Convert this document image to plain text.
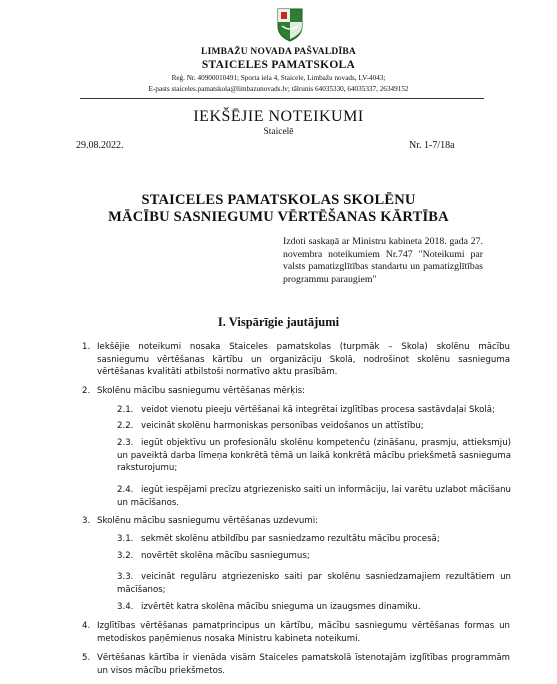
LIMBAŽU NOVADA PAŠVALDĪBA
STAICELES PAMATSKOLA
Reģ. Nr. 40900010491; Sporta iela 4, Staicele, Limbažu novads, LV-4043;
E-pasts staiceles.pamatskola@limbazunovads.lv; tālrunis 64035330, 64035337, 26349152
IEKŠĒJIE NOTEIKUMI
Staicelē
29.08.2022.	Nr. 1-7/18a
STAICELES PAMATSKOLAS SKOLĒNU
MĀCĪBU SASNIEGUMU VĒRTĒŠANAS KĀRTĪBA
Izdoti saskaņā ar Ministru kabineta 2018. gada 27. novembra noteikumiem Nr.747 "Noteikumi par valsts pamatizglītības standartu un pamatizglītības programmu paraugiem"
I. Vispārīgie jautājumi
1. Iekšējie noteikumi nosaka Staiceles pamatskolas (turpmāk – Skola) skolēnu mācību sasniegumu vērtēšanas kārtību un organizāciju Skolā, nodrošinot skolēnu sasnieguma vērtēšanas kvalitāti atbilstoši normatīvo aktu prasībām.
2. Skolēnu mācību sasniegumu vērtēšanas mērķis:
2.1. veidot vienotu pieeju vērtēšanai kā integrētai izglītības procesa sastāvdaļai Skolā;
2.2. veicināt skolēnu harmoniskas personības veidošanos un attīstību;
2.3. iegūt objektīvu un profesionālu skolēnu kompetenču (zināšanu, prasmju, attieksmju) un paveiktā darba līmeņa konkrētā tēmā un laikā konkrētā mācību priekšmetā sasnieguma raksturojumu;
2.4. iegūt iespējami precīzu atgriezenisko saiti un informāciju, lai varētu uzlabot mācīšanu un mācīšanos.
3. Skolēnu mācību sasniegumu vērtēšanas uzdevumi:
3.1. sekmēt skolēnu atbildību par sasniedzamo rezultātu mācību procesā;
3.2. novērtēt skolēna mācību sasniegumus;
3.3. veicināt regulāru atgriezenisko saiti par skolēnu sasniedzamajiem rezultātiem un mācīšanos;
3.4. izvērtēt katra skolēna mācību snieguma un izaugsmes dinamiku.
4. Izglītības vērtēšanas pamatprincipus un kārtību, mācību sasniegumu vērtēšanas formas un metodiskos paņēmienus nosaka Ministru kabineta noteikumi.
5. Vērtēšanas kārtība ir vienāda visām Staiceles pamatskolā īstenotajām izglītības programmām un visos mācību priekšmetos.
